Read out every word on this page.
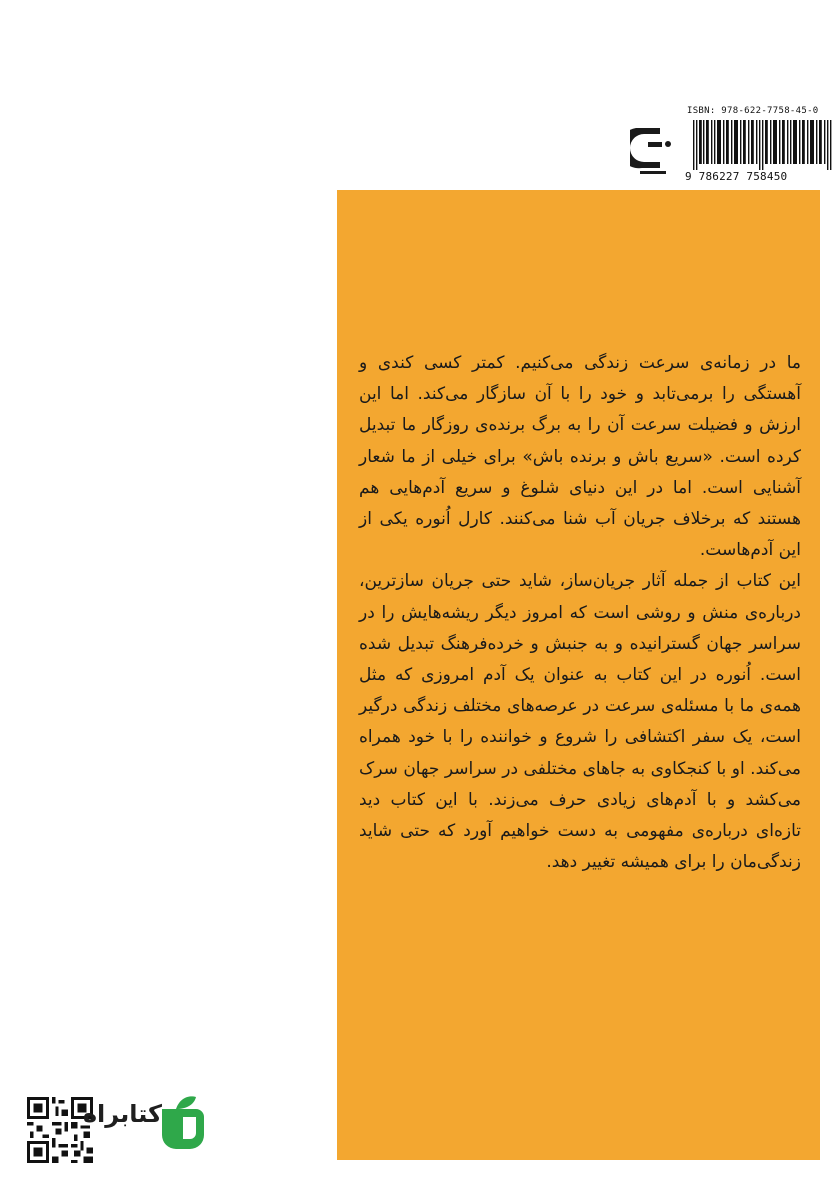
ISBN: 978-622-7758-45-0
9 786227 758450

ما در زمانه‌ی سرعت زندگی می‌کنیم. کمتر کسی کندی و آهستگی را برمی‌تابد و خود را با آن سازگار می‌کند. اما این ارزش و فضیلت سرعت آن را به برگ برنده‌ی روزگار ما تبدیل کرده است. «سریع باش و برنده باش» برای خیلی از ما شعار آشنایی است. اما در این دنیای شلوغ و سریع آدم‌هایی هم هستند که برخلاف جریان آب شنا می‌کنند. کارل اُنوره یکی از این آدم‌هاست.

این کتاب از جمله آثار جریان‌ساز، شاید حتی جریان سازترین، درباره‌ی منش و روشی است که امروز دیگر ریشه‌هایش را در سراسر جهان گسترانیده و به جنبش و خرده‌فرهنگ تبدیل شده است. اُنوره در این کتاب به عنوان یک آدم امروزی که مثل همه‌ی ما با مسئله‌ی سرعت در عرصه‌های مختلف زندگی درگیر است، یک سفر اکتشافی را شروع و خواننده را با خود همراه می‌کند. او با کنجکاوی به جاهای مختلفی در سراسر جهان سرک می‌کشد و با آدم‌های زیادی حرف می‌زند. با این کتاب دید تازه‌ای درباره‌ی مفهومی به دست خواهیم آورد که حتی شاید زندگی‌مان را برای همیشه تغییر دهد.

کتابراه
